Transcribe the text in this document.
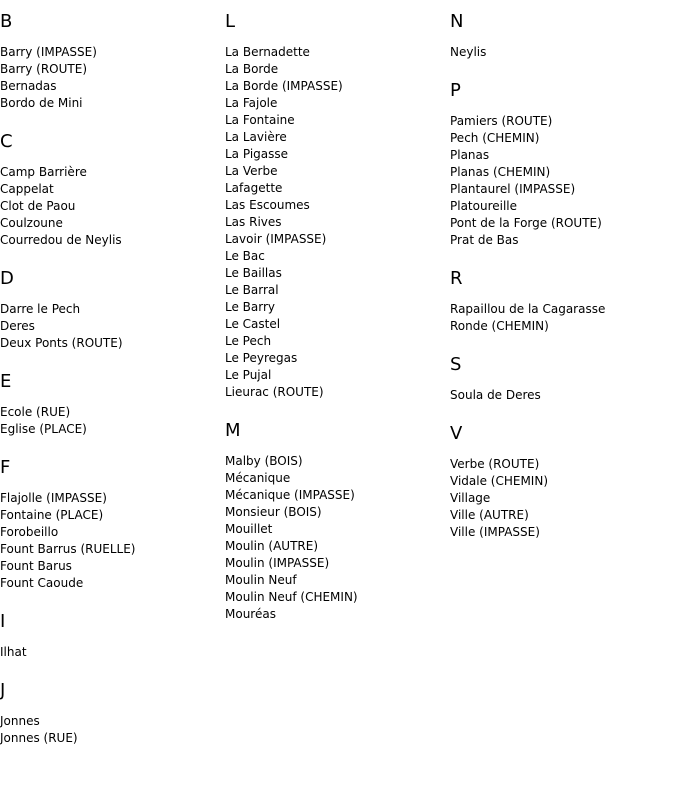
B
Barry (IMPASSE)
Barry (ROUTE)
Bernadas
Bordo de Mini
C
Camp Barrière
Cappelat
Clot de Paou
Coulzoune
Courredou de Neylis
D
Darre le Pech
Deres
Deux Ponts (ROUTE)
E
Ecole (RUE)
Eglise (PLACE)
F
Flajolle (IMPASSE)
Fontaine (PLACE)
Forobeillo
Fount Barrus (RUELLE)
Fount Barus
Fount Caoude
I
Ilhat
J
Jonnes
Jonnes (RUE)
L
La Bernadette
La Borde
La Borde (IMPASSE)
La Fajole
La Fontaine
La Lavière
La Pigasse
La Verbe
Lafagette
Las Escoumes
Las Rives
Lavoir (IMPASSE)
Le Bac
Le Baillas
Le Barral
Le Barry
Le Castel
Le Pech
Le Peyregas
Le Pujal
Lieurac (ROUTE)
M
Malby (BOIS)
Mécanique
Mécanique (IMPASSE)
Monsieur (BOIS)
Mouillet
Moulin (AUTRE)
Moulin (IMPASSE)
Moulin Neuf
Moulin Neuf (CHEMIN)
Mouréas
N
Neylis
P
Pamiers (ROUTE)
Pech (CHEMIN)
Planas
Planas (CHEMIN)
Plantaurel (IMPASSE)
Platoureille
Pont de la Forge (ROUTE)
Prat de Bas
R
Rapaillou de la Cagarasse
Ronde (CHEMIN)
S
Soula de Deres
V
Verbe (ROUTE)
Vidale (CHEMIN)
Village
Ville (AUTRE)
Ville (IMPASSE)
